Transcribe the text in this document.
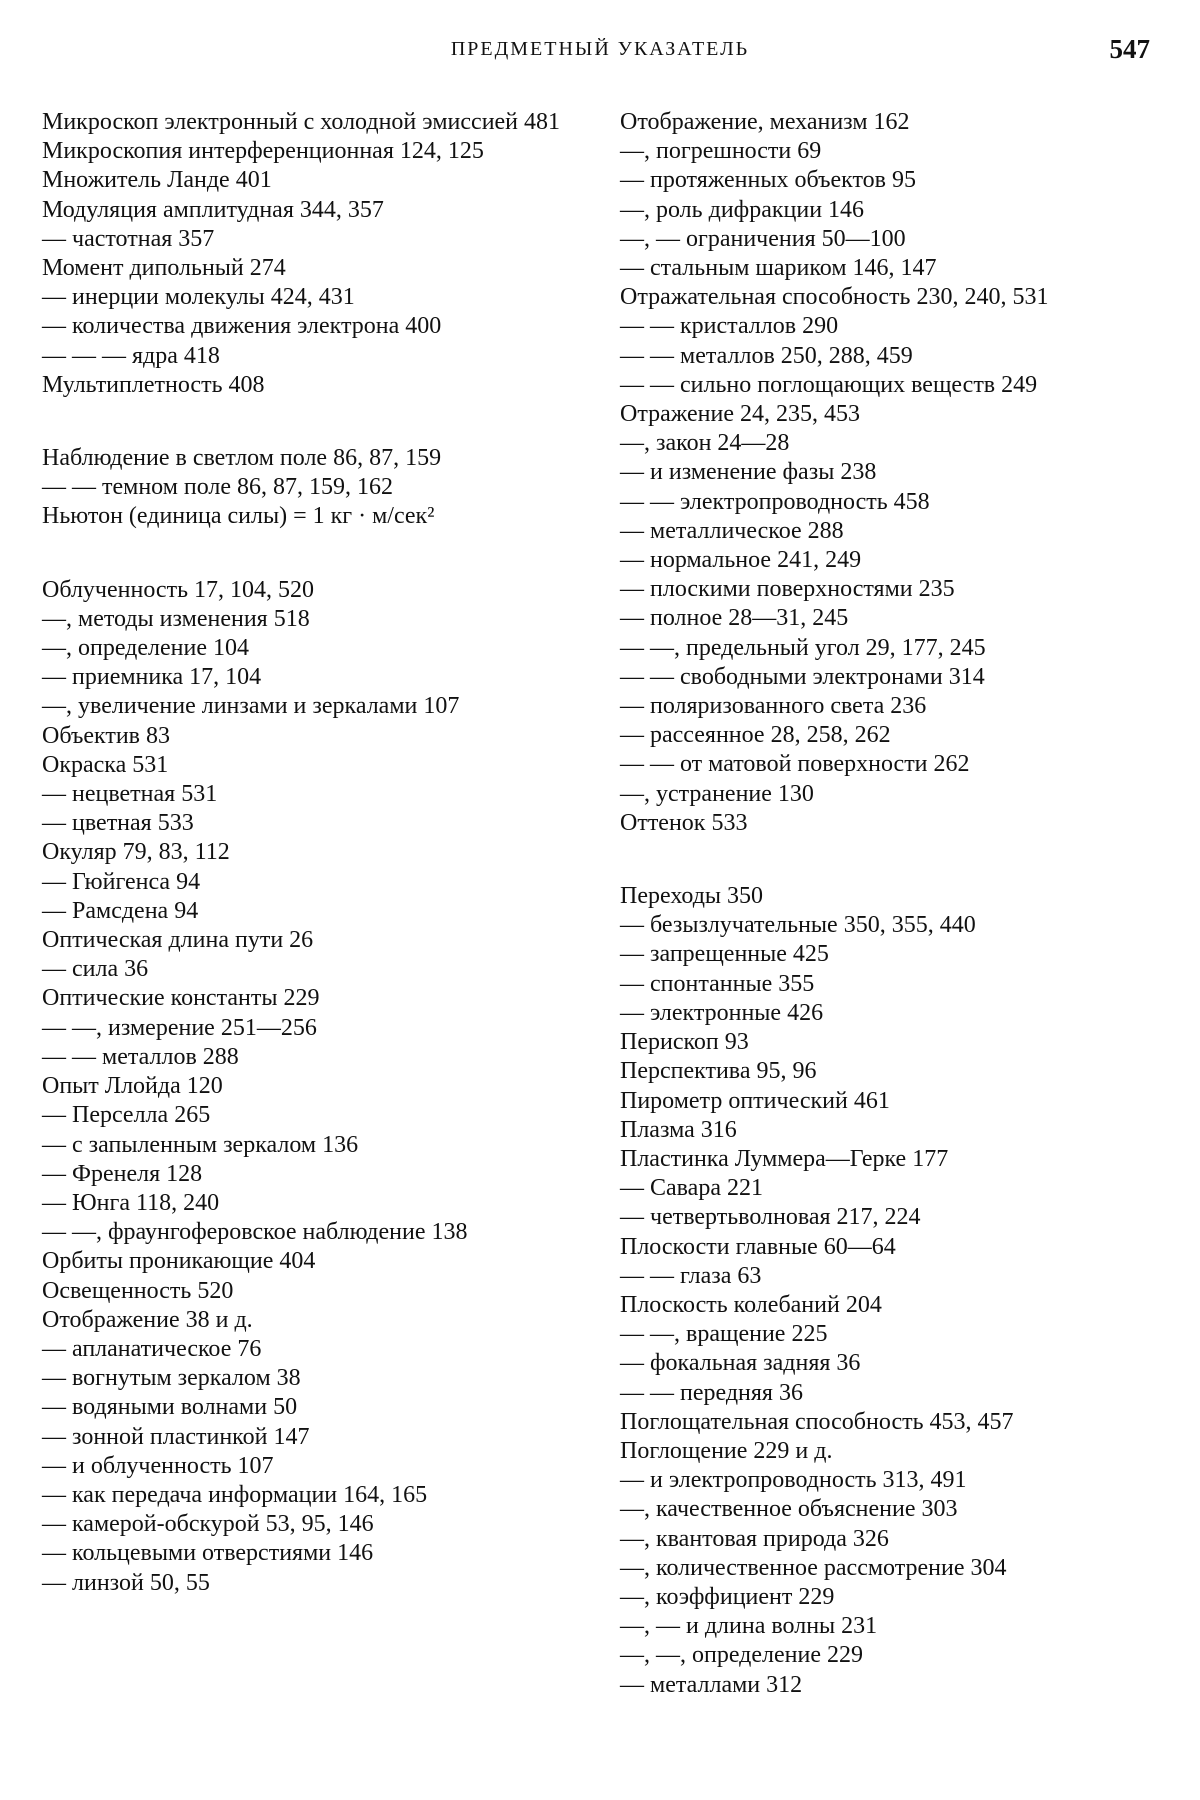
ПРЕДМЕТНЫЙ УКАЗАТЕЛЬ	547
Микроскоп электронный с холодной эмиссией 481
Микроскопия интерференционная 124, 125
Множитель Ланде 401
Модуляция амплитудная 344, 357
— частотная 357
Момент дипольный 274
— инерции молекулы 424, 431
— количества движения электрона 400
— — — ядра 418
Мультиплетность 408
Наблюдение в светлом поле 86, 87, 159
— — темном поле 86, 87, 159, 162
Ньютон (единица силы) = 1 кг · м/сек²
Облученность 17, 104, 520
—, методы изменения 518
—, определение 104
— приемника 17, 104
—, увеличение линзами и зеркалами 107
Объектив 83
Окраска 531
— нецветная 531
— цветная 533
Окуляр 79, 83, 112
— Гюйгенса 94
— Рамсдена 94
Оптическая длина пути 26
— сила 36
Оптические константы 229
— —, измерение 251—256
— — металлов 288
Опыт Ллойда 120
— Перселла 265
— с запыленным зеркалом 136
— Френеля 128
— Юнга 118, 240
— —, фраунгоферовское наблюдение 138
Орбиты проникающие 404
Освещенность 520
Отображение 38 и д.
— апланатическое 76
— вогнутым зеркалом 38
— водяными волнами 50
— зонной пластинкой 147
— и облученность 107
— как передача информации 164, 165
— камерой-обскурой 53, 95, 146
— кольцевыми отверстиями 146
— линзой 50, 55
Отображение, механизм 162
—, погрешности 69
— протяженных объектов 95
—, роль дифракции 146
—, — ограничения 50—100
— стальным шариком 146, 147
Отражательная способность 230, 240, 531
— — кристаллов 290
— — металлов 250, 288, 459
— — сильно поглощающих веществ 249
Отражение 24, 235, 453
—, закон 24—28
— и изменение фазы 238
— — электропроводность 458
— металлическое 288
— нормальное 241, 249
— плоскими поверхностями 235
— полное 28—31, 245
— —, предельный угол 29, 177, 245
— — свободными электронами 314
— поляризованного света 236
— рассеянное 28, 258, 262
— — от матовой поверхности 262
—, устранение 130
Оттенок 533
Переходы 350
— безызлучательные 350, 355, 440
— запрещенные 425
— спонтанные 355
— электронные 426
Перископ 93
Перспектива 95, 96
Пирометр оптический 461
Плазма 316
Пластинка Луммера—Герке 177
— Савара 221
— четвертьволновая 217, 224
Плоскости главные 60—64
— — глаза 63
Плоскость колебаний 204
— —, вращение 225
— фокальная задняя 36
— — передняя 36
Поглощательная способность 453, 457
Поглощение 229 и д.
— и электропроводность 313, 491
—, качественное объяснение 303
—, квантовая природа 326
—, количественное рассмотрение 304
—, коэффициент 229
—, — и длина волны 231
—, —, определение 229
— металлами 312
